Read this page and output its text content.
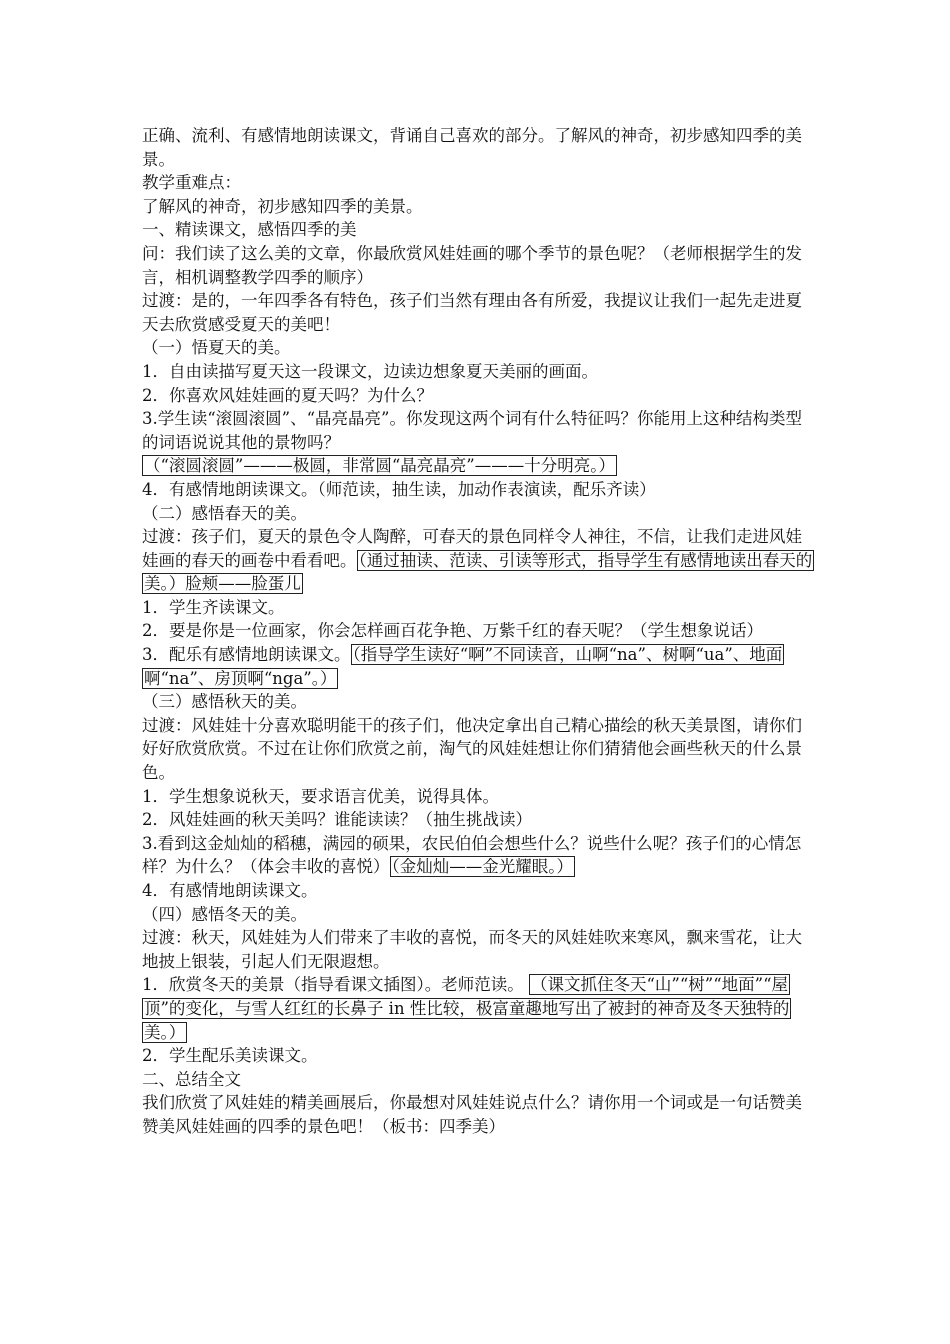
正确、流利、有感情地朗读课文，背诵自己喜欢的部分。了解风的神奇，初步感知四季的美景。

教学重难点：

了解风的神奇，初步感知四季的美景。

一、精读课文，感悟四季的美

问：我们读了这么美的文章，你最欣赏风娃娃画的哪个季节的景色呢？（老师根据学生的发言，相机调整教学四季的顺序）

过渡：是的，一年四季各有特色，孩子们当然有理由各有所爱，我提议让我们一起先走进夏天去欣赏感受夏天的美吧！

（一）悟夏天的美。

1．自由读描写夏天这一段课文，边读边想象夏天美丽的画面。

2．你喜欢风娃娃画的夏天吗？为什么？

3.学生读“滚圆滚圆”、“晶亮晶亮”。你发现这两个词有什么特征吗？你能用上这种结构类型的词语说说其他的景物吗？（“滚圆滚圆”———极圆，非常圆“晶亮晶亮”———十分明亮。）

4．有感情地朗读课文。（师范读，抽生读，加动作表演读，配乐齐读）

（二）感悟春天的美。

过渡：孩子们，夏天的景色令人陶醉，可春天的景色同样令人神往，不信，让我们走进风娃娃画的春天的画卷中看看吧。 （通过抽读、范读、引读等形式，指导学生有感情地读出春天的美。）脸颊——脸蛋儿

1．学生齐读课文。

2．要是你是一位画家，你会怎样画百花争艳、万紫千红的春天呢？（学生想象说话）

3．配乐有感情地朗读课文。 （指导学生读好“啊”不同读音，山啊“na”、树啊“ua”、地面啊“na”、房顶啊“nga”。）

（三）感悟秋天的美。

过渡：风娃娃十分喜欢聪明能干的孩子们，他决定拿出自己精心描绘的秋天美景图，请你们好好欣赏欣赏。不过在让你们欣赏之前，淘气的风娃娃想让你们猜猜他会画些秋天的什么景色。

1．学生想象说秋天，要求语言优美，说得具体。

2．风娃娃画的秋天美吗？谁能读读？（抽生挑战读）

3.看到这金灿灿的稻穗，满园的硕果，农民伯伯会想些什么？说些什么呢？孩子们的心情怎样？为什么？（体会丰收的喜悦） （金灿灿——金光耀眼。）

4．有感情地朗读课文。

（四）感悟冬天的美。

过渡：秋天，风娃娃为人们带来了丰收的喜悦，而冬天的风娃娃吹来寒风，飘来雪花，让大地披上银装，引起人们无限遐想。

1．欣赏冬天的美景（指导看课文插图）。老师范读。 （课文抓住冬天“山”“树”“地面”“屋顶”的变化，与雪人红红的长鼻子 in 性比较，极富童趣地写出了被封的神奇及冬天独特的美。）

2．学生配乐美读课文。

二、总结全文

我们欣赏了风娃娃的精美画展后，你最想对风娃娃说点什么？请你用一个词或是一句话赞美赞美风娃娃画的四季的景色吧！（板书：四季美）
